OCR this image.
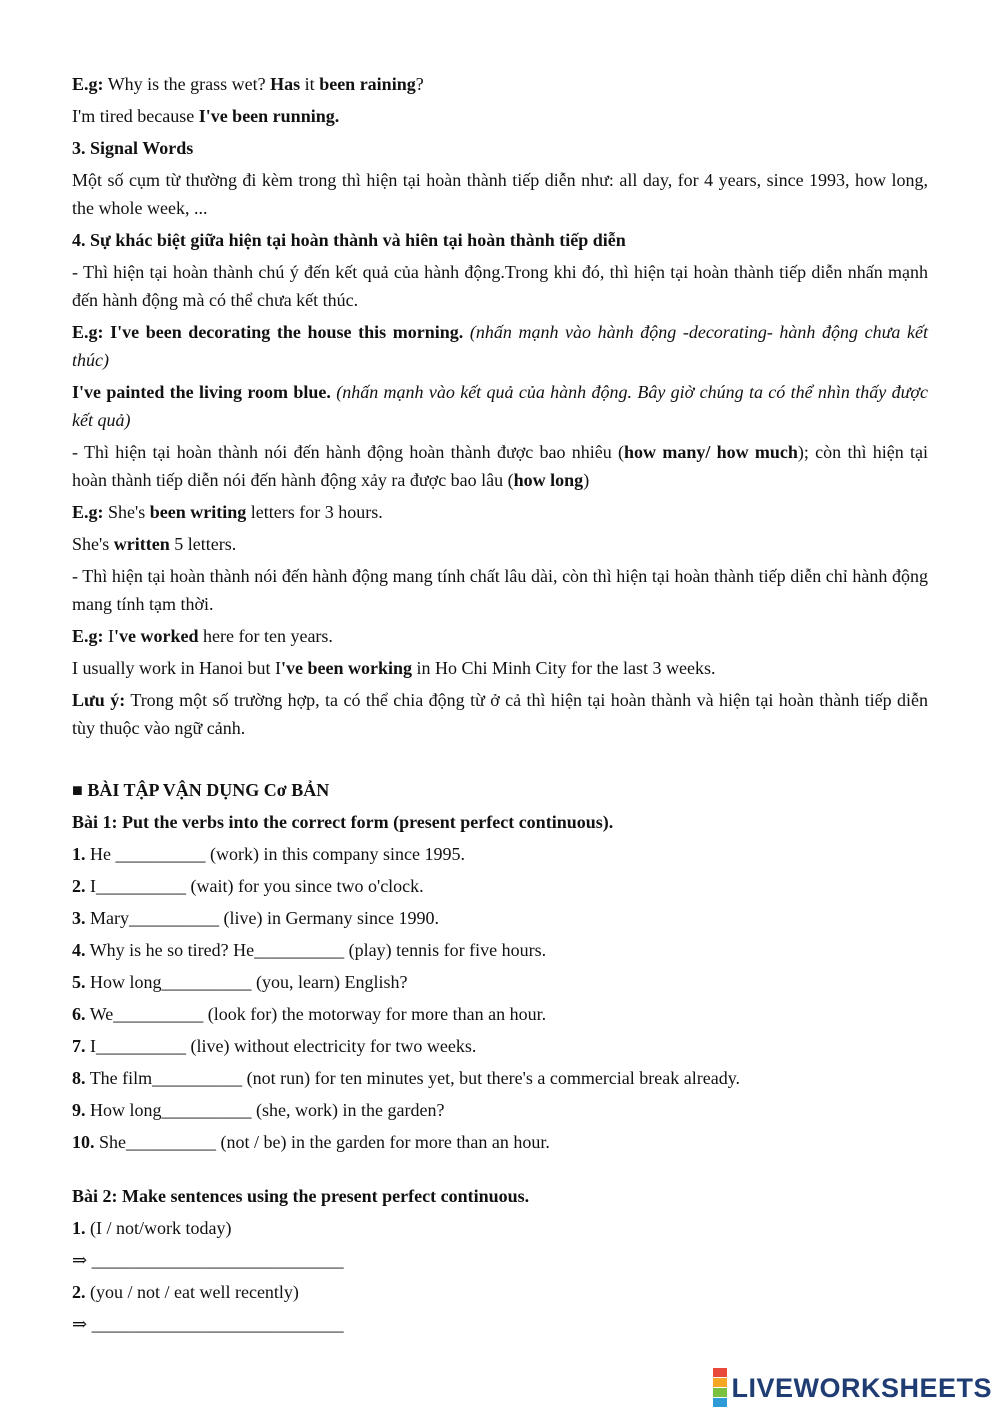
E.g: Why is the grass wet? Has it been raining?

I'm tired because I've been running.

3. Signal Words

Một số cụm từ thường đi kèm trong thì hiện tại hoàn thành tiếp diễn như: all day, for 4 years, since 1993, how long, the whole week, ...

4. Sự khác biệt giữa hiện tại hoàn thành và hiên tại hoàn thành tiếp diễn

- Thì hiện tại hoàn thành chú ý đến kết quả của hành động.Trong khi đó, thì hiện tại hoàn thành tiếp diễn nhấn mạnh đến hành động mà có thể chưa kết thúc.

E.g: I've been decorating the house this morning. (nhấn mạnh vào hành động -decorating- hành động chưa kết thúc)

I've painted the living room blue. (nhấn mạnh vào kết quả của hành động. Bây giờ chúng ta có thể nhìn thấy được kết quả)

- Thì hiện tại hoàn thành nói đến hành động hoàn thành được bao nhiêu (how many/ how much); còn thì hiện tại hoàn thành tiếp diễn nói đến hành động xảy ra được bao lâu (how long)

E.g: She's been writing letters for 3 hours.

She's written 5 letters.

- Thì hiện tại hoàn thành nói đến hành động mang tính chất lâu dài, còn thì hiện tại hoàn thành tiếp diễn chỉ hành động mang tính tạm thời.

E.g: I've worked here for ten years.

I usually work in Hanoi but I've been working in Ho Chi Minh City for the last 3 weeks.

Lưu ý: Trong một số trường hợp, ta có thể chia động từ ở cả thì hiện tại hoàn thành và hiện tại hoàn thành tiếp diễn tùy thuộc vào ngữ cảnh.

■ BÀI TẬP VẬN DỤNG Cơ BẢN

Bài 1: Put the verbs into the correct form (present perfect continuous).

1. He __________ (work) in this company since 1995.

2. I__________ (wait) for you since two o'clock.

3. Mary__________ (live) in Germany since 1990.

4. Why is he so tired? He__________ (play) tennis for five hours.

5. How long__________ (you, learn) English?

6. We__________ (look for) the motorway for more than an hour.

7. I__________ (live) without electricity for two weeks.

8. The film__________ (not run) for ten minutes yet, but there's a commercial break already.

9. How long__________ (she, work) in the garden?

10. She__________ (not / be) in the garden for more than an hour.

Bài 2: Make sentences using the present perfect continuous.

1. (I / not/work today)

⇒ ____________________________

2. (you / not / eat well recently)

⇒ ____________________________

LIVEWORKSHEETS
